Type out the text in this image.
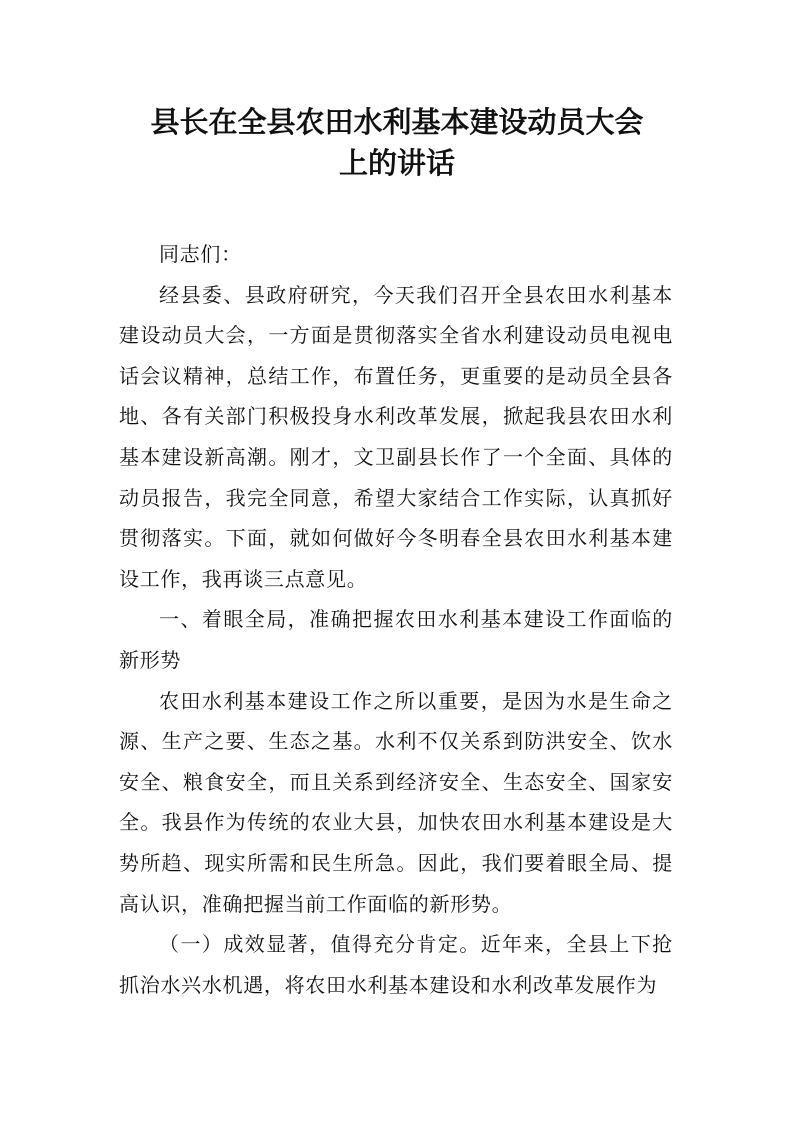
县长在全县农田水利基本建设动员大会
上的讲话

同志们：

经县委、县政府研究，今天我们召开全县农田水利基本建设动员大会，一方面是贯彻落实全省水利建设动员电视电话会议精神，总结工作，布置任务，更重要的是动员全县各地、各有关部门积极投身水利改革发展，掀起我县农田水利基本建设新高潮。刚才，文卫副县长作了一个全面、具体的动员报告，我完全同意，希望大家结合工作实际，认真抓好贯彻落实。下面，就如何做好今冬明春全县农田水利基本建设工作，我再谈三点意见。

一、着眼全局，准确把握农田水利基本建设工作面临的新形势

农田水利基本建设工作之所以重要，是因为水是生命之源、生产之要、生态之基。水利不仅关系到防洪安全、饮水安全、粮食安全，而且关系到经济安全、生态安全、国家安全。我县作为传统的农业大县，加快农田水利基本建设是大势所趋、现实所需和民生所急。因此，我们要着眼全局、提高认识，准确把握当前工作面临的新形势。

（一）成效显著，值得充分肯定。近年来，全县上下抢抓治水兴水机遇，将农田水利基本建设和水利改革发展作为
